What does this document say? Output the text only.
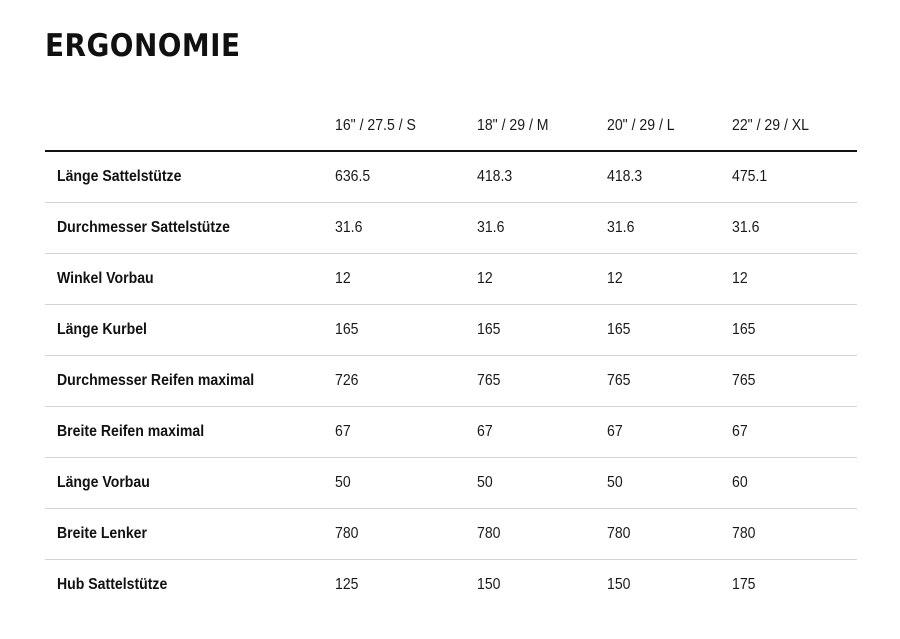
ERGONOMIE
	16" / 27.5 / S	18" / 29 / M	20" / 29 / L	22" / 29 / XL
Länge Sattelstütze	636.5	418.3	418.3	475.1
Durchmesser Sattelstütze	31.6	31.6	31.6	31.6
Winkel Vorbau	12	12	12	12
Länge Kurbel	165	165	165	165
Durchmesser Reifen maximal	726	765	765	765
Breite Reifen maximal	67	67	67	67
Länge Vorbau	50	50	50	60
Breite Lenker	780	780	780	780
Hub Sattelstütze	125	150	150	175
